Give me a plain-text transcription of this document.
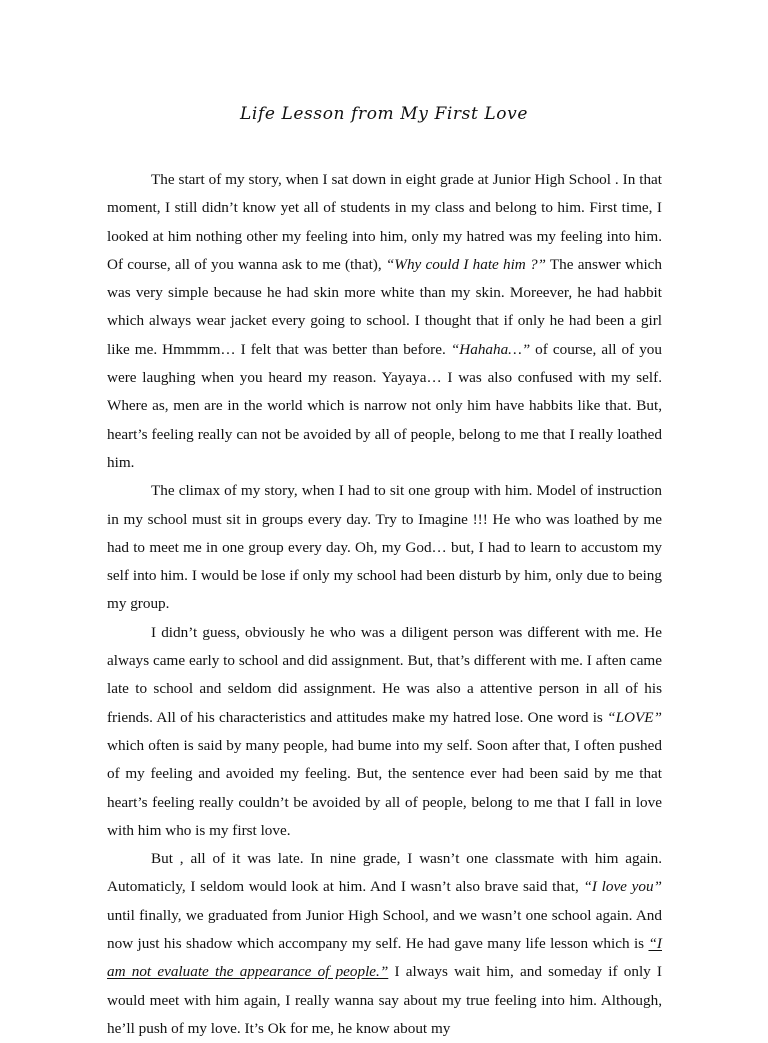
Life Lesson from My First Love

The start of my story, when I sat down in eight grade at Junior High School . In that moment, I still didn’t know yet all of students in my class and belong to him. First time, I looked at him nothing other my feeling into him, only my hatred was my feeling into him. Of course, all of you wanna ask to me (that), “Why could I hate him ?” The answer which was very simple because he had skin more white than my skin. Moreever, he had habbit which always wear jacket every going to school. I thought that if only he had been a girl like me. Hmmmm… I felt that was better than before. “Hahaha…” of course, all of you were laughing when you heard my reason. Yayaya… I was also confused with my self. Where as, men are in the world which is narrow not only him have habbits like that. But, heart’s feeling really can not be avoided by all of people, belong to me that I really loathed him.

The climax of my story, when I had to sit one group with him. Model of instruction in my school must sit in groups every day. Try to Imagine !!! He who was loathed by me had to meet me in one group every day. Oh, my God… but, I had to learn to accustom my self into him. I would be lose if only my school had been disturb by him, only due to being my group.

I didn’t guess, obviously he who was a diligent person was different with me. He always came early to school and did assignment. But, that’s different with me. I aften came late to school and seldom did assignment. He was also a attentive person in all of his friends. All of his characteristics and attitudes make my hatred lose. One word is “LOVE” which often is said by many people, had bume into my self. Soon after that, I often pushed of my feeling and avoided my feeling. But, the sentence ever had been said by me that heart’s feeling really couldn’t be avoided by all of people, belong to me that I fall in love with him who is my first love.

But , all of it was late. In nine grade, I wasn’t one classmate with him again. Automaticly, I seldom would look at him. And I wasn’t also brave said that, “I love you” until finally, we graduated from Junior High School, and we wasn’t one school again. And now just his shadow which accompany my self. He had gave many life lesson which is “I am not evaluate the appearance of people.” I always wait him, and someday if only I would meet with him again, I really wanna say about my true feeling into him. Although, he’ll push of my love. It’s Ok for me, he know about my
